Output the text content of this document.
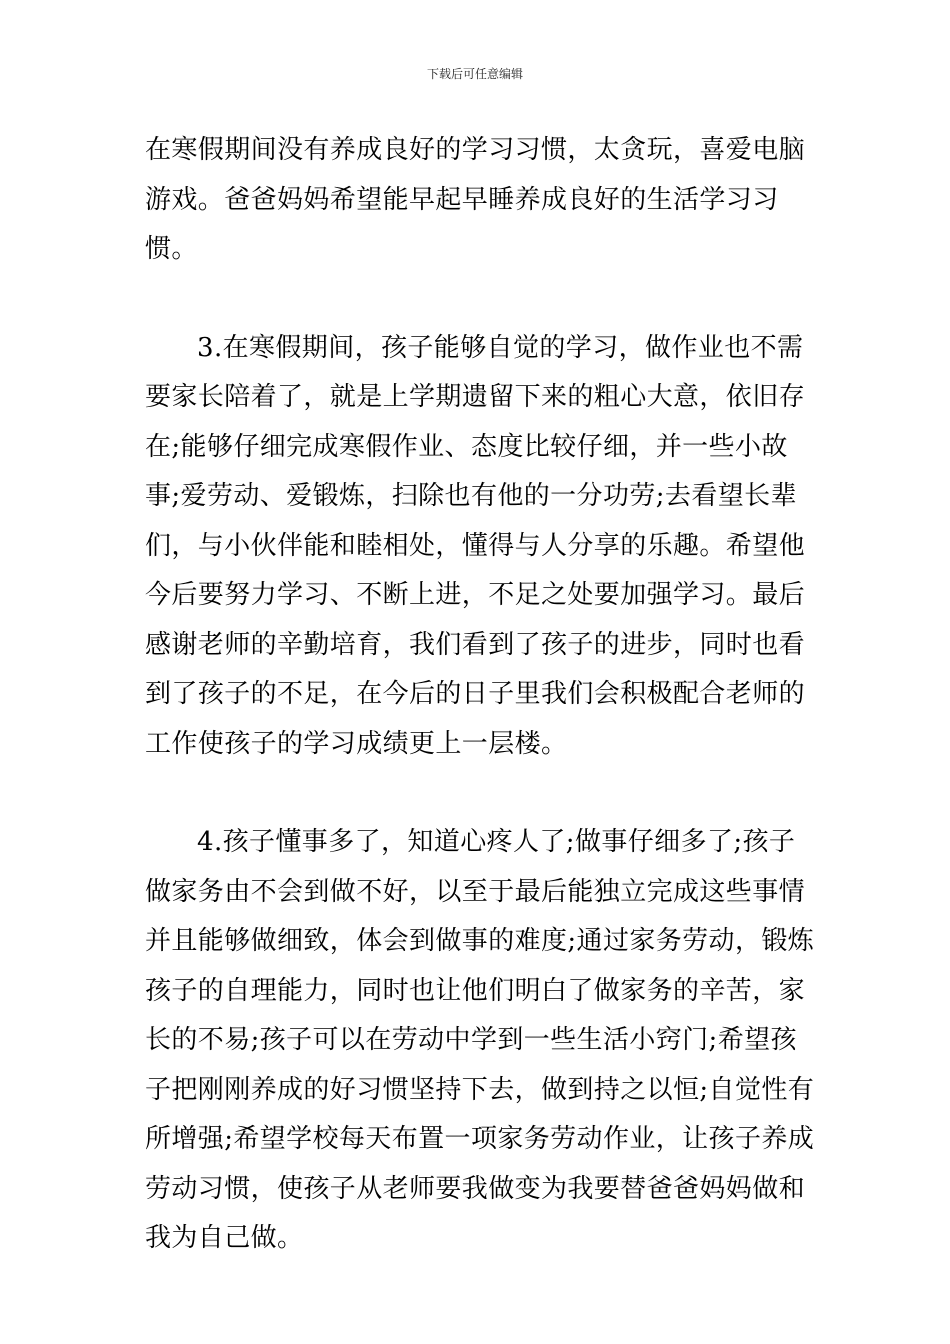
下载后可任意编辑

在寒假期间没有养成良好的学习习惯，太贪玩，喜爱电脑游戏。爸爸妈妈希望能早起早睡养成良好的生活学习习惯。

3.在寒假期间，孩子能够自觉的学习，做作业也不需要家长陪着了，就是上学期遗留下来的粗心大意，依旧存在;能够仔细完成寒假作业、态度比较仔细，并一些小故事;爱劳动、爱锻炼，扫除也有他的一分功劳;去看望长辈们，与小伙伴能和睦相处，懂得与人分享的乐趣。希望他今后要努力学习、不断上进，不足之处要加强学习。最后感谢老师的辛勤培育，我们看到了孩子的进步，同时也看到了孩子的不足，在今后的日子里我们会积极配合老师的工作使孩子的学习成绩更上一层楼。

4.孩子懂事多了，知道心疼人了;做事仔细多了;孩子做家务由不会到做不好，以至于最后能独立完成这些事情并且能够做细致，体会到做事的难度;通过家务劳动，锻炼孩子的自理能力，同时也让他们明白了做家务的辛苦，家长的不易;孩子可以在劳动中学到一些生活小窍门;希望孩子把刚刚养成的好习惯坚持下去，做到持之以恒;自觉性有所增强;希望学校每天布置一项家务劳动作业，让孩子养成劳动习惯，使孩子从老师要我做变为我要替爸爸妈妈做和我为自己做。
